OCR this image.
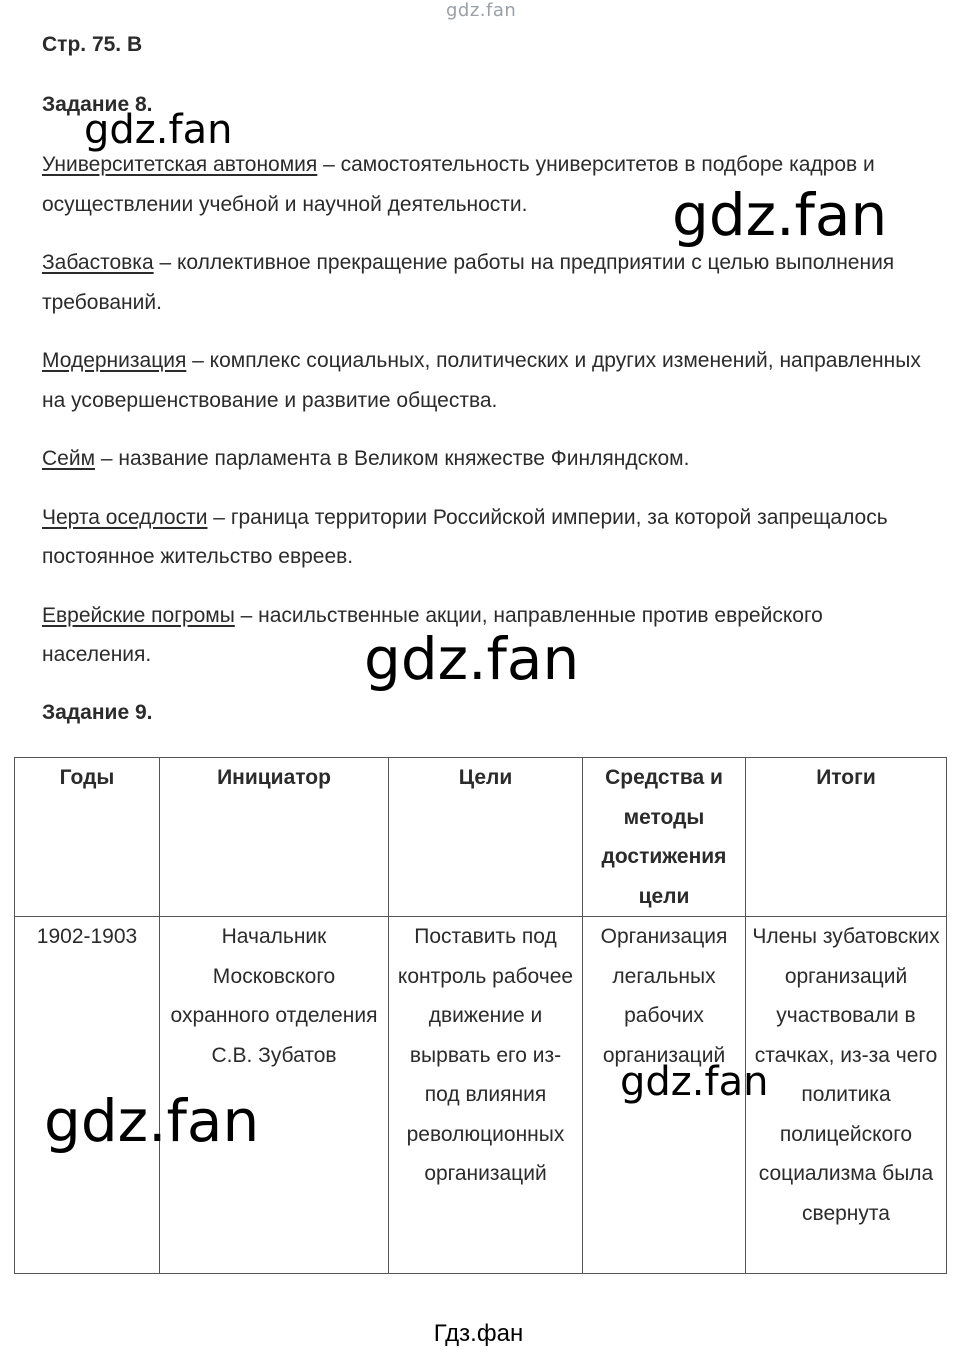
gdz.fan
Стр. 75. В
Задание 8.

Университетская автономия – самостоятельность университетов в подборе кадров и осуществлении учебной и научной деятельности.

Забастовка – коллективное прекращение работы на предприятии с целью выполнения требований.

Модернизация – комплекс социальных, политических и других изменений, направленных на усовершенствование и развитие общества.

Сейм – название парламента в Великом княжестве Финляндском.

Черта оседлости – граница территории Российской империи, за которой запрещалось постоянное жительство евреев.

Еврейские погромы – насильственные акции, направленные против еврейского населения.

Задание 9.
Годы	Инициатор	Цели	Средства и методы достижения цели	Итоги
1902-1903	Начальник Московского охранного отделения С.В. Зубатов	Поставить под контроль рабочее движение и вырвать его из-под влияния революционных организаций	Организация легальных рабочих организаций	Члены зубатовских организаций участвовали в стачках, из-за чего политика полицейского социализма была свернута
gdz.fan
gdz.fan
gdz.fan
gdz.fan
gdz.fan
Гдз.фан
